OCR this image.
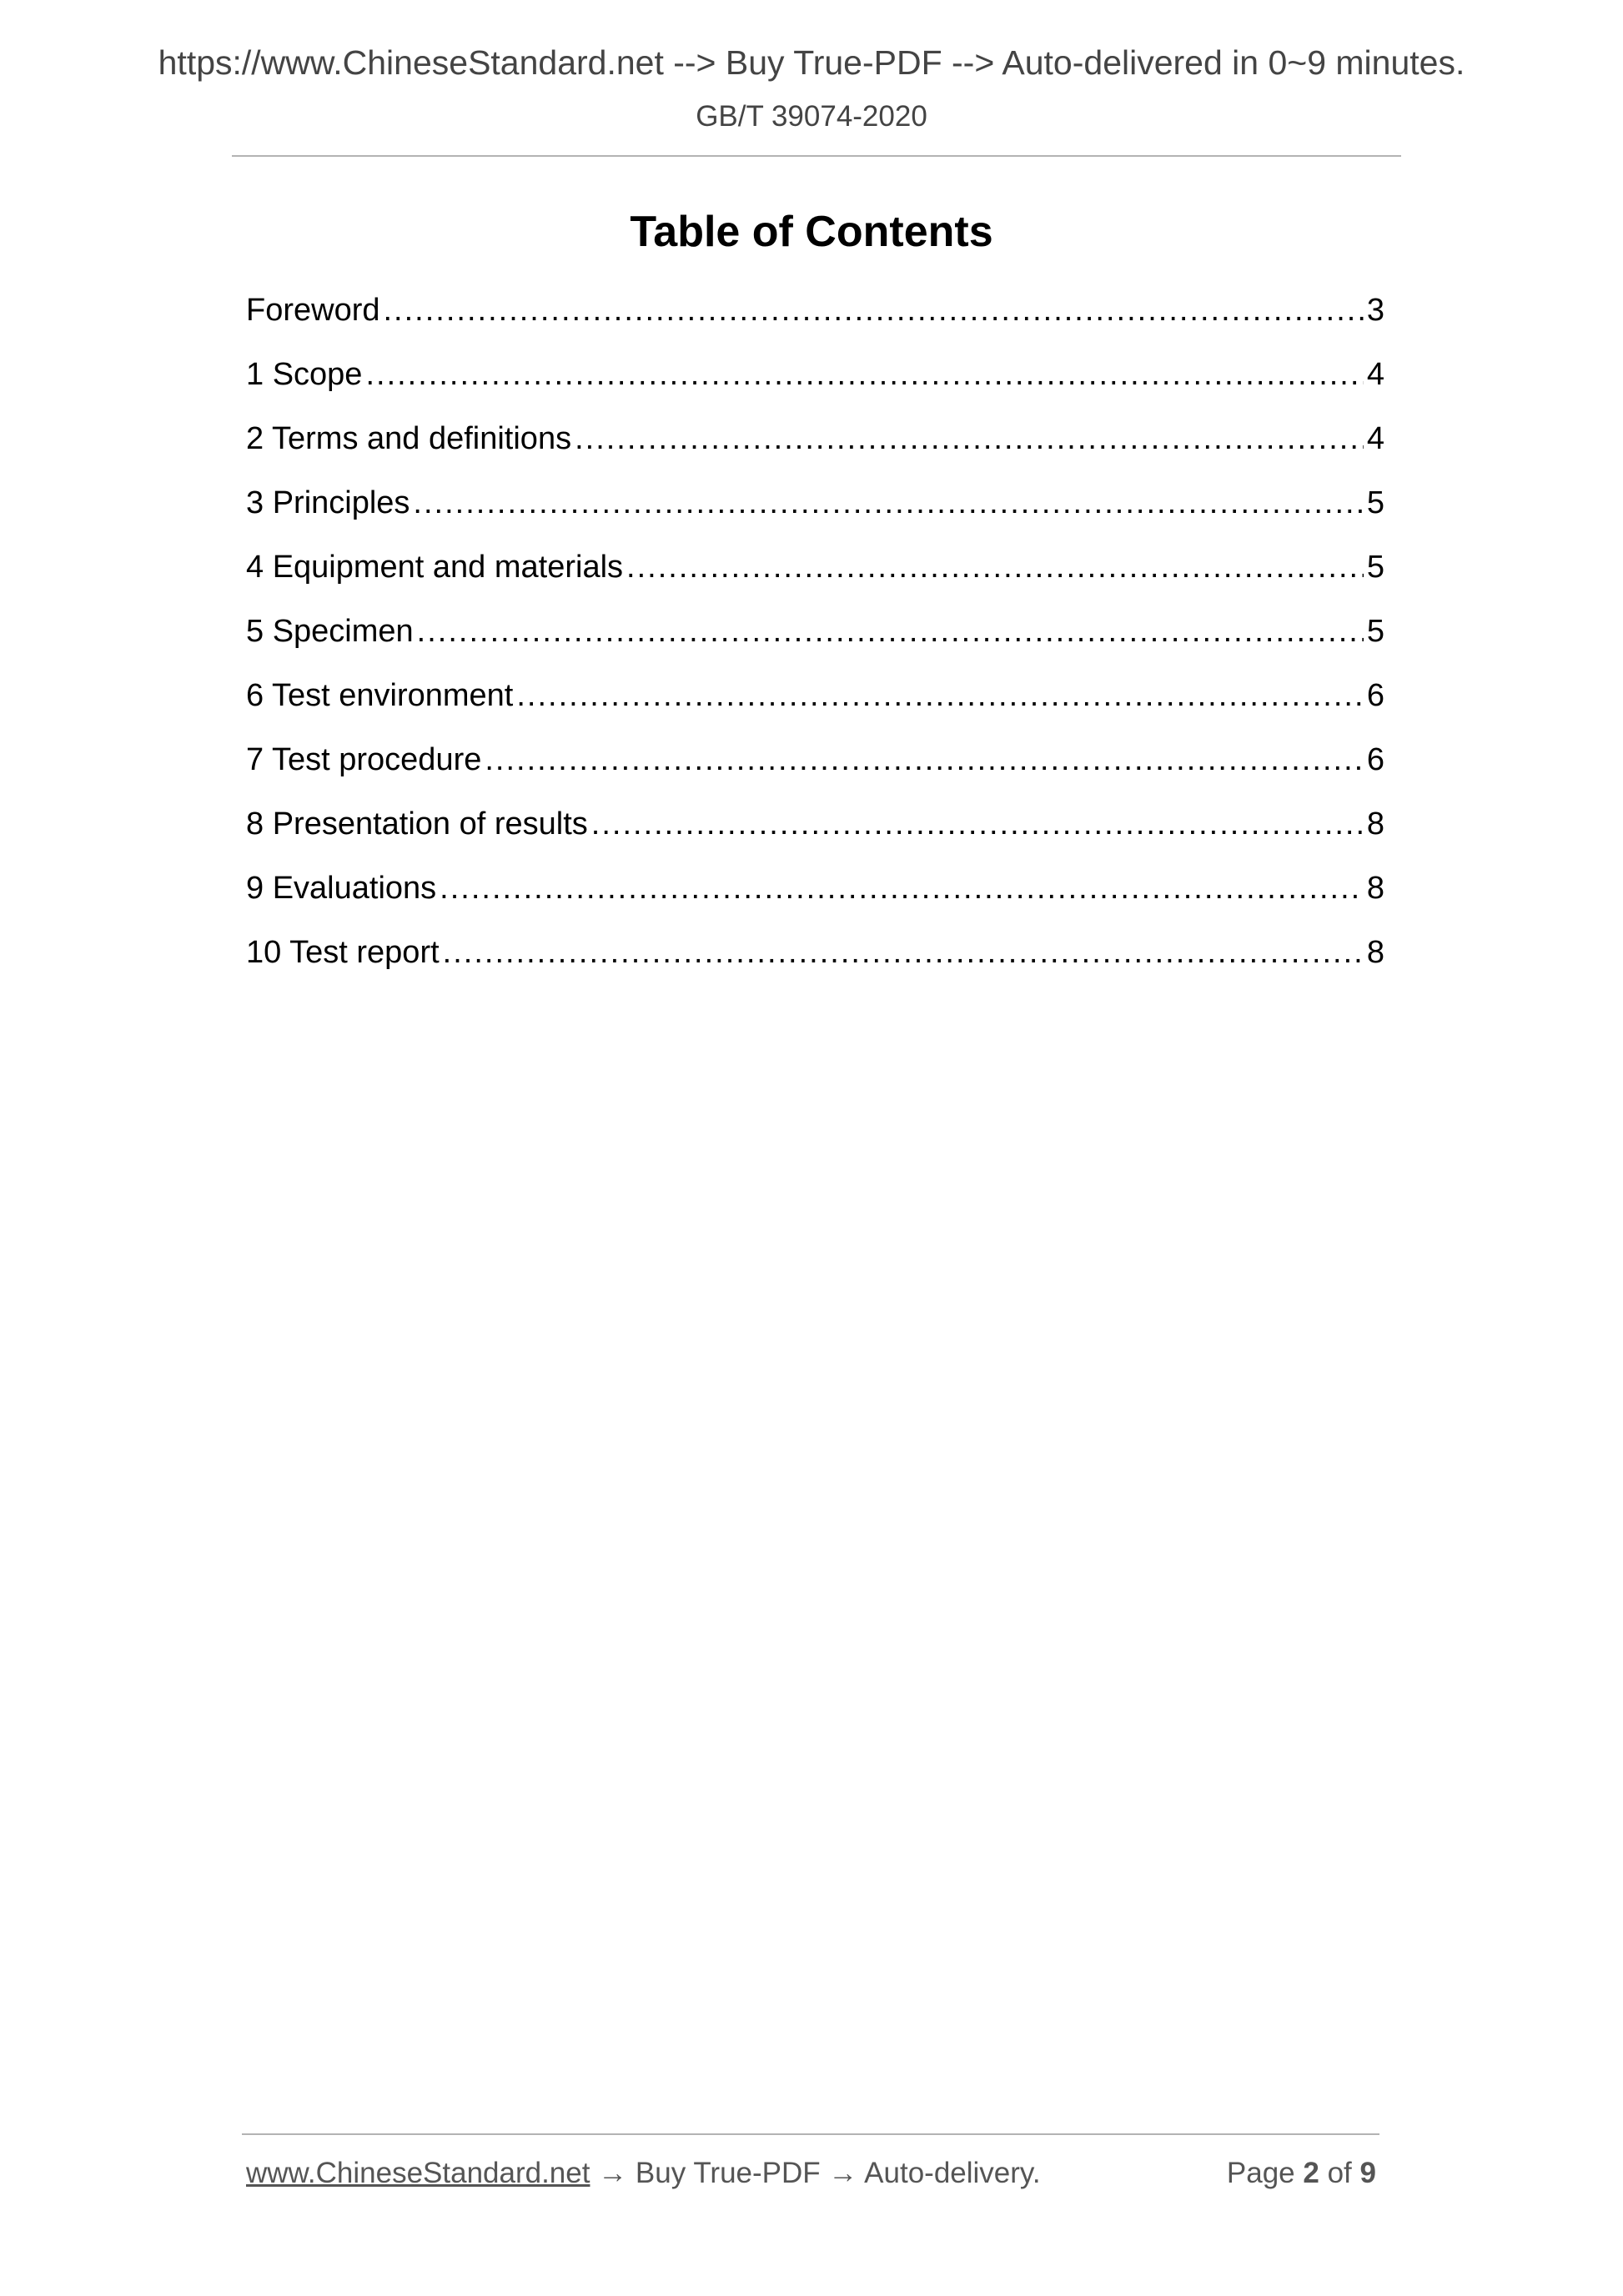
https://www.ChineseStandard.net --> Buy True-PDF --> Auto-delivered in 0~9 minutes.
GB/T 39074-2020
Table of Contents
Foreword .....	3
1 Scope .....	4
2 Terms and definitions .....	4
3 Principles .....	5
4 Equipment and materials .....	5
5 Specimen .....	5
6 Test environment .....	6
7 Test procedure .....	6
8 Presentation of results .....	8
9 Evaluations .....	8
10 Test report .....	8
www.ChineseStandard.net → Buy True-PDF → Auto-delivery.	Page 2 of 9
